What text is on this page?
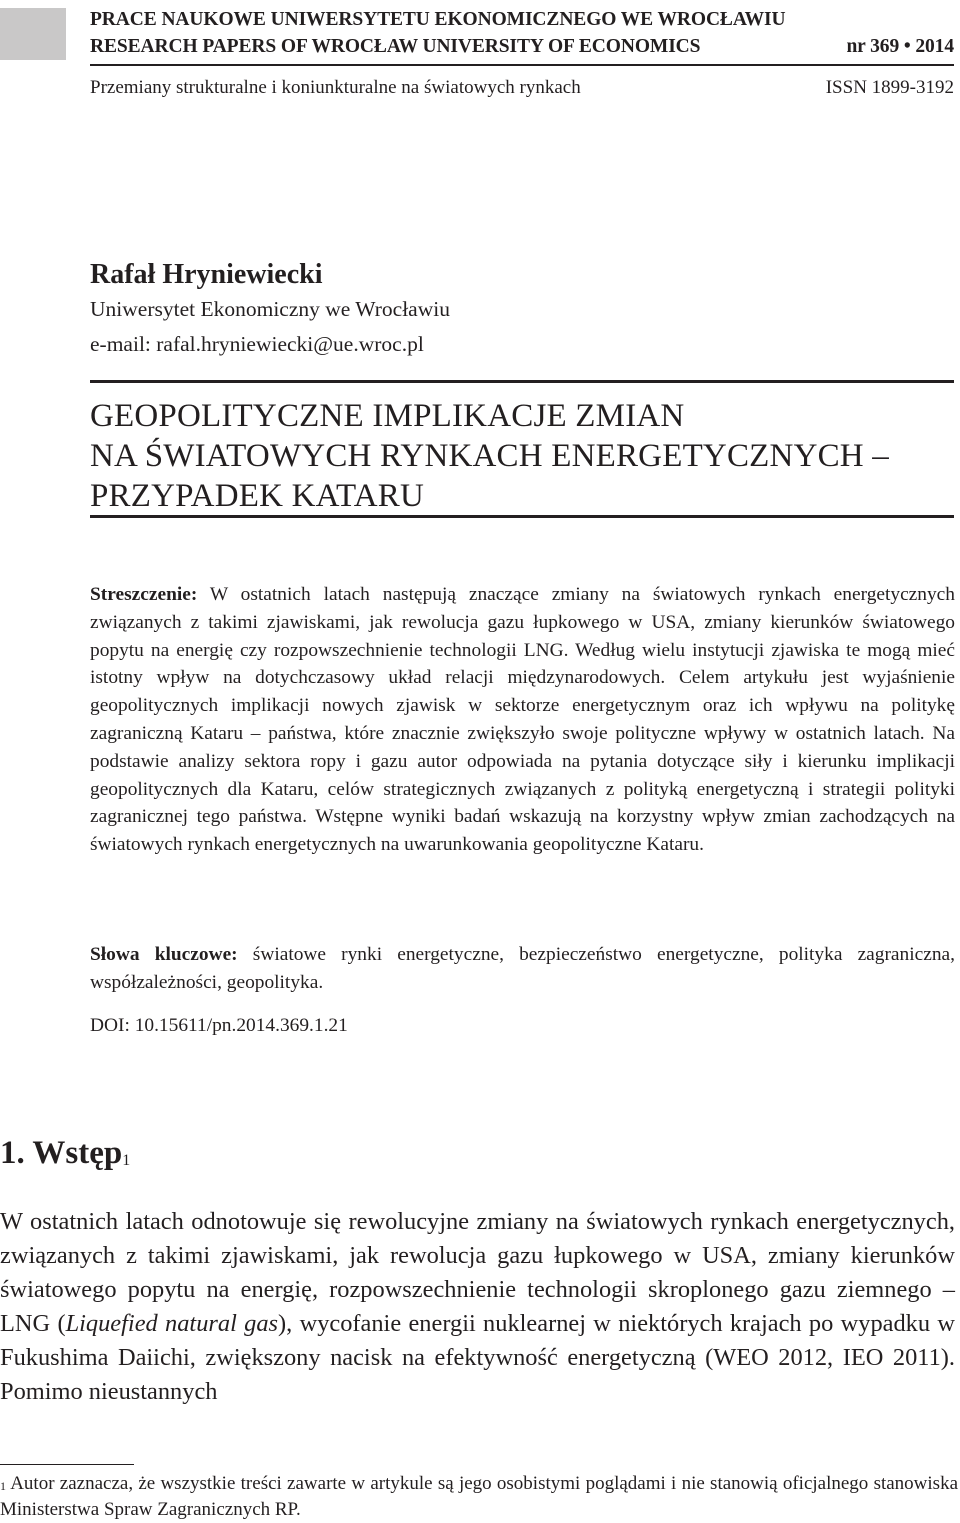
PRACE NAUKOWE UNIWERSYTETU EKONOMICZNEGO WE WROCŁAWIU
RESEARCH PAPERS OF WROCŁAW UNIVERSITY OF ECONOMICS	nr 369 • 2014
Przemiany strukturalne i koniunkturalne na światowych rynkach	ISSN 1899-3192
Rafał Hryniewiecki
Uniwersytet Ekonomiczny we Wrocławiu
e-mail: rafal.hryniewiecki@ue.wroc.pl
GEOPOLITYCZNE IMPLIKACJE ZMIAN
NA ŚWIATOWYCH RYNKACH ENERGETYCZNYCH –
PRZYPADEK KATARU
Streszczenie: W ostatnich latach następują znaczące zmiany na światowych rynkach energetycznych związanych z takimi zjawiskami, jak rewolucja gazu łupkowego w USA, zmiany kierunków światowego popytu na energię czy rozpowszechnienie technologii LNG. Według wielu instytucji zjawiska te mogą mieć istotny wpływ na dotychczasowy układ relacji międzynarodowych. Celem artykułu jest wyjaśnienie geopolitycznych implikacji nowych zjawisk w sektorze energetycznym oraz ich wpływu na politykę zagraniczną Kataru – państwa, które znacznie zwiększyło swoje polityczne wpływy w ostatnich latach. Na podstawie analizy sektora ropy i gazu autor odpowiada na pytania dotyczące siły i kierunku implikacji geopolitycznych dla Kataru, celów strategicznych związanych z polityką energetyczną i strategii polityki zagranicznej tego państwa. Wstępne wyniki badań wskazują na korzystny wpływ zmian zachodzących na światowych rynkach energetycznych na uwarunkowania geopolityczne Kataru.
Słowa kluczowe: światowe rynki energetyczne, bezpieczeństwo energetyczne, polityka zagraniczna, współzależności, geopolityka.
DOI: 10.15611/pn.2014.369.1.21
1. Wstęp$^1$
W ostatnich latach odnotowuje się rewolucyjne zmiany na światowych rynkach energetycznych, związanych z takimi zjawiskami, jak rewolucja gazu łupkowego w USA, zmiany kierunków światowego popytu na energię, rozpowszechnienie technologii skroplonego gazu ziemnego – LNG (Liquefied natural gas), wycofanie energii nuklearnej w niektórych krajach po wypadku w Fukushima Daiichi, zwiększony nacisk na efektywność energetyczną (WEO 2012, IEO 2011). Pomimo nieustannych
$^1$ Autor zaznacza, że wszystkie treści zawarte w artykule są jego osobistymi poglądami i nie stanowią oficjalnego stanowiska Ministerstwa Spraw Zagranicznych RP.
